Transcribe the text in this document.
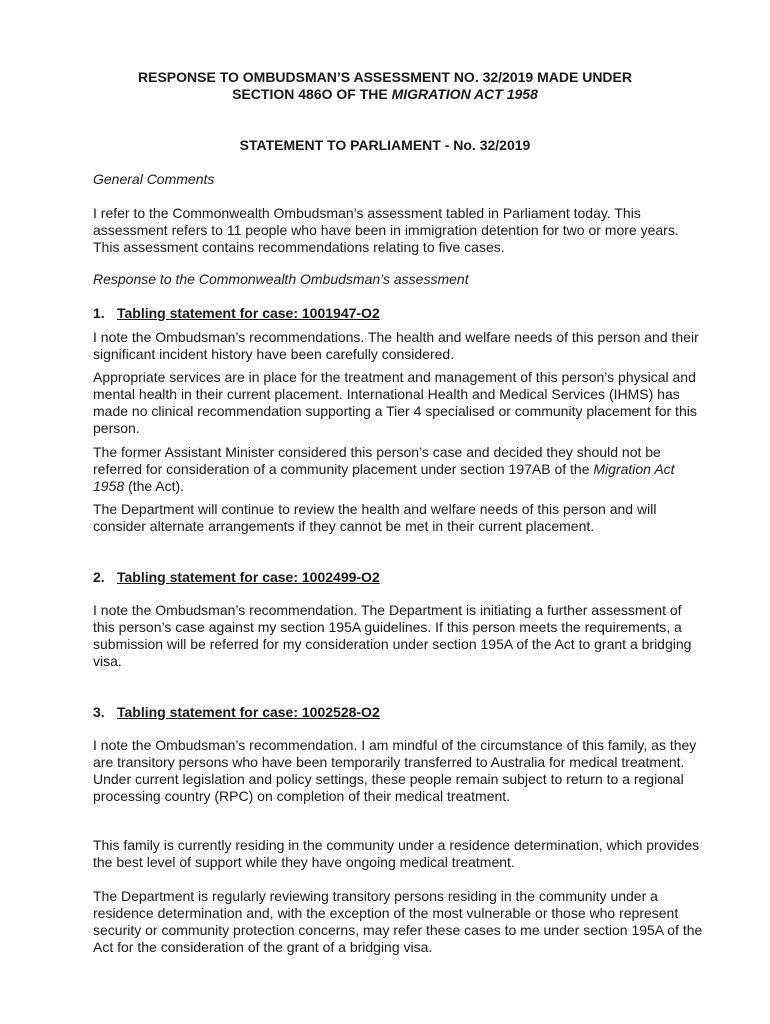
RESPONSE TO OMBUDSMAN’S ASSESSMENT NO. 32/2019 MADE UNDER
SECTION 486O OF THE MIGRATION ACT 1958
STATEMENT TO PARLIAMENT - No. 32/2019
General Comments

I refer to the Commonwealth Ombudsman’s assessment tabled in Parliament today. This assessment refers to 11 people who have been in immigration detention for two or more years. This assessment contains recommendations relating to five cases.

Response to the Commonwealth Ombudsman’s assessment
1. Tabling statement for case: 1001947-O2

I note the Ombudsman’s recommendations. The health and welfare needs of this person and their significant incident history have been carefully considered.

Appropriate services are in place for the treatment and management of this person’s physical and mental health in their current placement. International Health and Medical Services (IHMS) has made no clinical recommendation supporting a Tier 4 specialised or community placement for this person.

The former Assistant Minister considered this person’s case and decided they should not be referred for consideration of a community placement under section 197AB of the Migration Act 1958 (the Act).

The Department will continue to review the health and welfare needs of this person and will consider alternate arrangements if they cannot be met in their current placement.

2. Tabling statement for case: 1002499-O2

I note the Ombudsman’s recommendation. The Department is initiating a further assessment of this person’s case against my section 195A guidelines. If this person meets the requirements, a submission will be referred for my consideration under section 195A of the Act to grant a bridging visa.

3. Tabling statement for case: 1002528-O2

I note the Ombudsman’s recommendation. I am mindful of the circumstance of this family, as they are transitory persons who have been temporarily transferred to Australia for medical treatment. Under current legislation and policy settings, these people remain subject to return to a regional processing country (RPC) on completion of their medical treatment.

This family is currently residing in the community under a residence determination, which provides the best level of support while they have ongoing medical treatment.

The Department is regularly reviewing transitory persons residing in the community under a residence determination and, with the exception of the most vulnerable or those who represent security or community protection concerns, may refer these cases to me under section 195A of the Act for the consideration of the grant of a bridging visa.
